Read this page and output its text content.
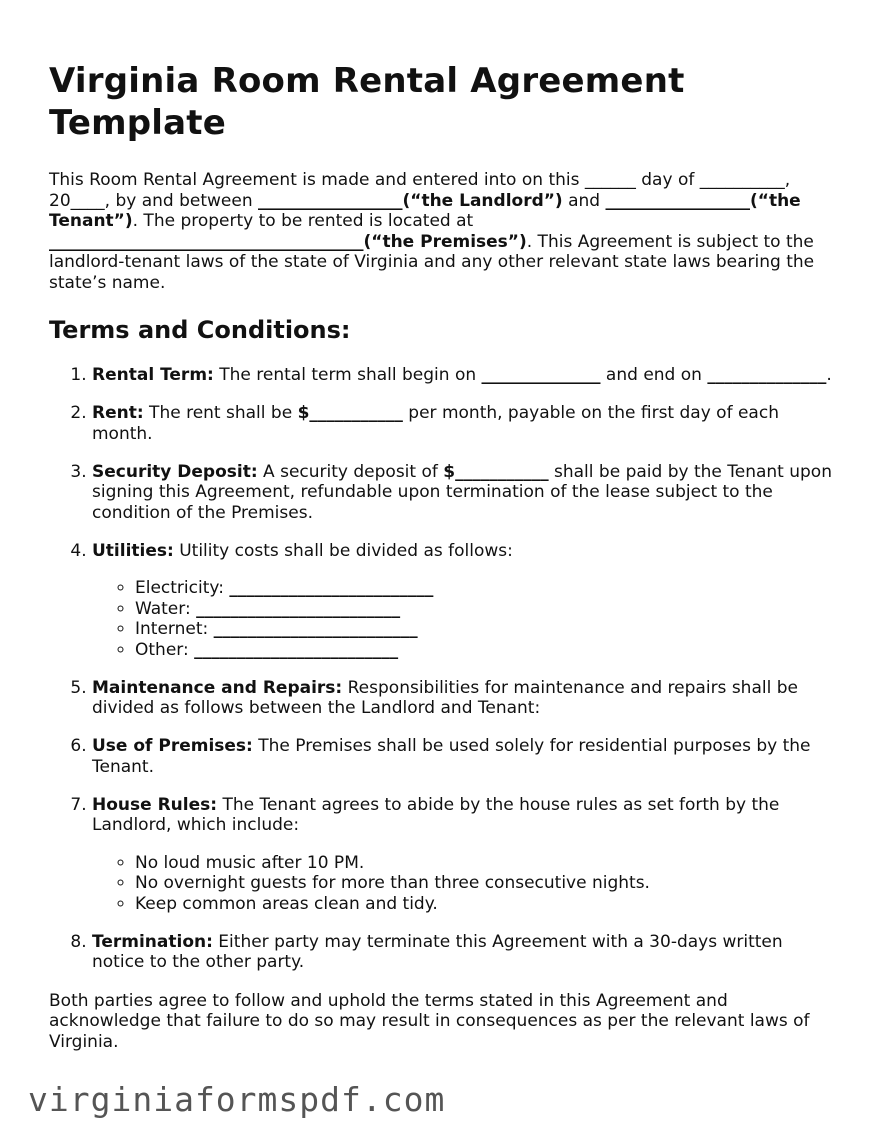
Virginia Room Rental Agreement Template

This Room Rental Agreement is made and entered into on this ______ day of __________, 20____, by and between _________________(“the Landlord”) and _________________(“the Tenant”). The property to be rented is located at _____________________________________(“the Premises”). This Agreement is subject to the landlord-tenant laws of the state of Virginia and any other relevant state laws bearing the state’s name.

Terms and Conditions:
1. Rental Term: The rental term shall begin on ______________ and end on ______________.
2. Rent: The rent shall be $___________ per month, payable on the first day of each month.
3. Security Deposit: A security deposit of $___________ shall be paid by the Tenant upon signing this Agreement, refundable upon termination of the lease subject to the condition of the Premises.
4. Utilities: Utility costs shall be divided as follows:
◦ Electricity: ________________________
◦ Water: ________________________
◦ Internet: ________________________
◦ Other: ________________________
5. Maintenance and Repairs: Responsibilities for maintenance and repairs shall be divided as follows between the Landlord and Tenant:
6. Use of Premises: The Premises shall be used solely for residential purposes by the Tenant.
7. House Rules: The Tenant agrees to abide by the house rules as set forth by the Landlord, which include:
◦ No loud music after 10 PM.
◦ No overnight guests for more than three consecutive nights.
◦ Keep common areas clean and tidy.
8. Termination: Either party may terminate this Agreement with a 30-days written notice to the other party.

Both parties agree to follow and uphold the terms stated in this Agreement and acknowledge that failure to do so may result in consequences as per the relevant laws of Virginia.

virginiaformspdf.com
